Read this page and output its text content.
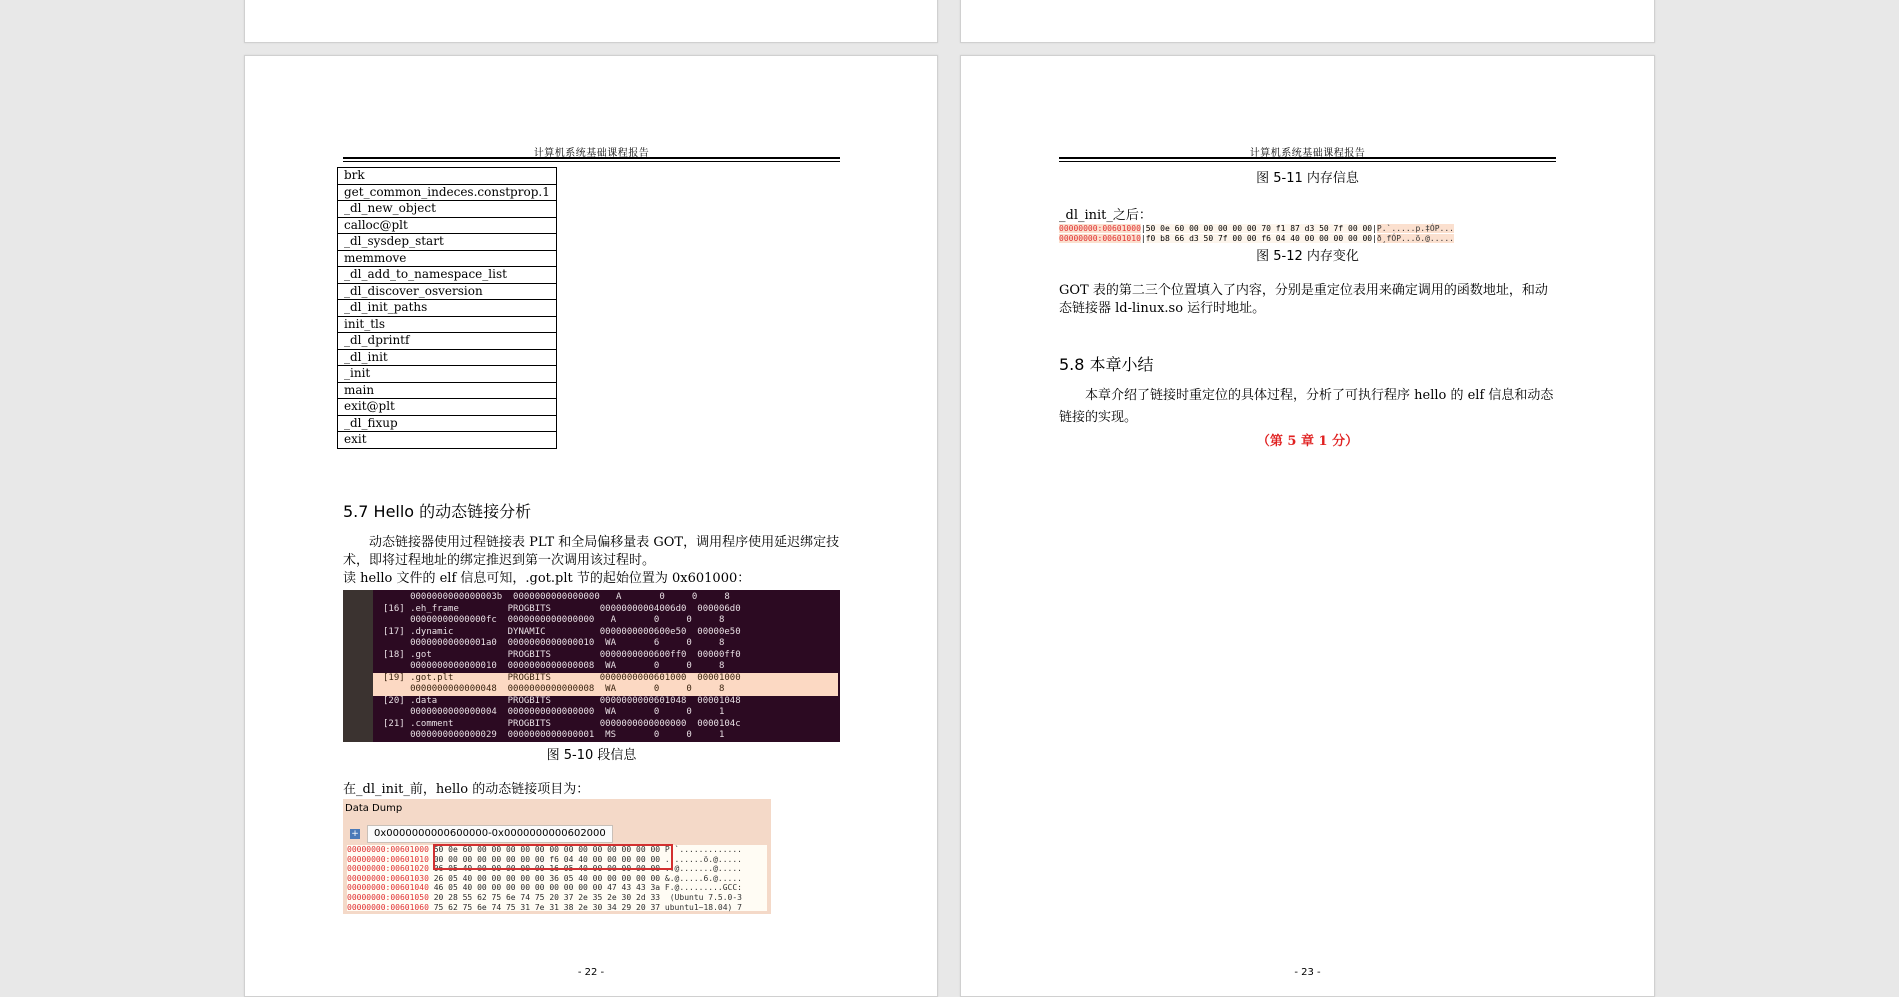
计算机系统基础课程报告
brk
get_common_indeces.constprop.1
_dl_new_object
calloc@plt
_dl_sysdep_start
memmove
_dl_add_to_namespace_list
_dl_discover_osversion
_dl_init_paths
init_tls
_dl_dprintf
_dl_init
_init
main
exit@plt
_dl_fixup
exit
5.7 Hello 的动态链接分析
动态链接器使用过程链接表 PLT 和全局偏移量表 GOT，调用程序使用延迟绑定技术，即将过程地址的绑定推迟到第一次调用该过程时。
读 hello 文件的 elf 信息可知，.got.plt 节的起始位置为 0x601000：
0000000000000003b  0000000000000000   A       0     0     8
[16] .eh_frame         PROGBITS         00000000004006d0  000006d0
00000000000000fc  0000000000000000   A       0     0     8
[17] .dynamic          DYNAMIC          0000000000600e50  00000e50
00000000000001a0  0000000000000010  WA       6     0     8
[18] .got              PROGBITS         0000000000600ff0  00000ff0
0000000000000010  0000000000000008  WA       0     0     8
[19] .got.plt          PROGBITS         0000000000601000  00001000
0000000000000048  0000000000000008  WA       0     0     8
[20] .data             PROGBITS         0000000000601048  00001048
0000000000000004  0000000000000000  WA       0     0     1
[21] .comment          PROGBITS         0000000000000000  0000104c
0000000000000029  0000000000000001  MS       0     0     1
图 5-10 段信息
在_dl_init_前，hello 的动态链接项目为：
Data Dump
+	0x0000000000600000-0x0000000000602000
00000000:00601000 50 0e 60 00 00 00 00 00 00 00 00 00 00 00 00 00 P.`.............
00000000:00601010 00 00 00 00 00 00 00 00 f6 04 40 00 00 00 00 00 ........ö.@.....
00000000:00601020 06 05 40 00 00 00 00 00 16 05 40 00 00 00 00 00 ..@.......@.....
00000000:00601030 26 05 40 00 00 00 00 00 36 05 40 00 00 00 00 00 &.@.....6.@.....
00000000:00601040 46 05 40 00 00 00 00 00 00 00 00 00 47 43 43 3a F.@.........GCC:
00000000:00601050 20 28 55 62 75 6e 74 75 20 37 2e 35 2e 30 2d 33  (Ubuntu 7.5.0-3
00000000:00601060 75 62 75 6e 74 75 31 7e 31 38 2e 30 34 29 20 37 ubuntu1~18.04) 7
- 22 -
计算机系统基础课程报告
图 5-11 内存信息
_dl_init_之后：
00000000:00601000|50 0e 60 00 00 00 00 00 70 f1 87 d3 50 7f 00 00|P.`.....p.‡ÓP...
00000000:00601010|f0 b8 66 d3 50 7f 00 00 f6 04 40 00 00 00 00 00|ð¸fÓP...ö.@.....
图 5-12 内存变化
GOT 表的第二三个位置填入了内容，分别是重定位表用来确定调用的函数地址，和动态链接器 ld-linux.so 运行时地址。
5.8 本章小结
本章介绍了链接时重定位的具体过程，分析了可执行程序 hello 的 elf 信息和动态链接的实现。
（第 5 章 1 分）
- 23 -
